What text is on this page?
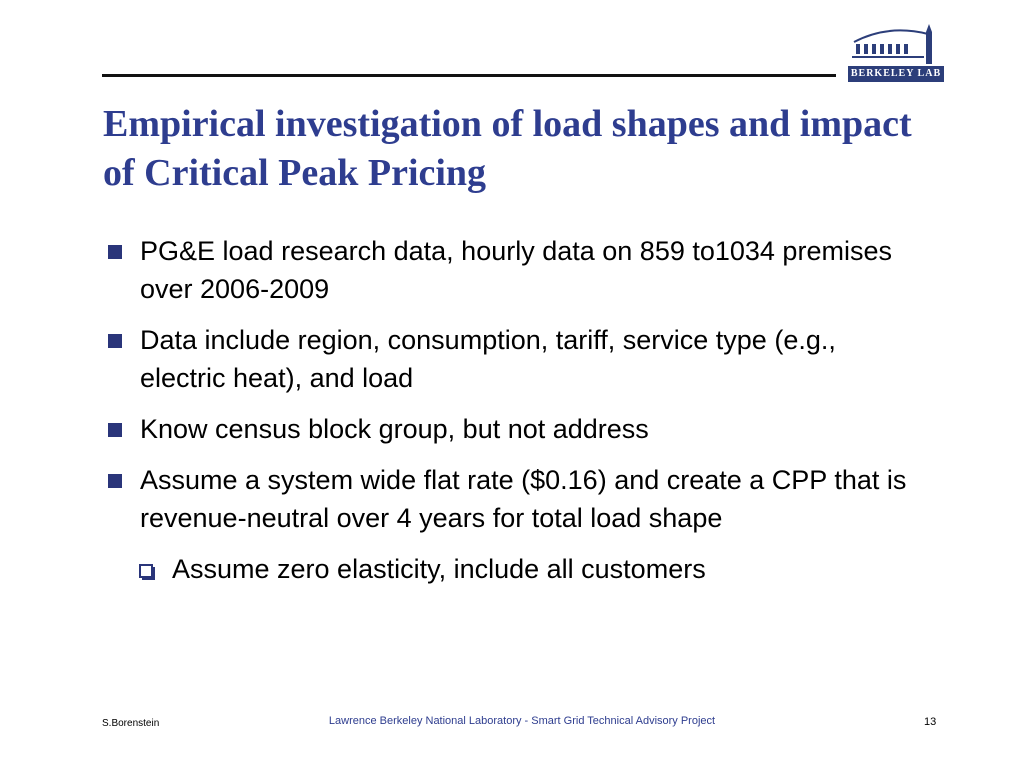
BERKELEY LAB
Empirical investigation of load shapes and impact of Critical Peak Pricing
PG&E load research data, hourly data on 859 to1034 premises over 2006-2009
Data include region, consumption, tariff, service type (e.g., electric heat), and load
Know census block group, but not address
Assume a system wide flat rate ($0.16) and create a CPP that is revenue-neutral over 4 years for total load shape
Assume zero elasticity, include all customers
S.Borenstein	Lawrence Berkeley National Laboratory - Smart Grid Technical Advisory Project	13
